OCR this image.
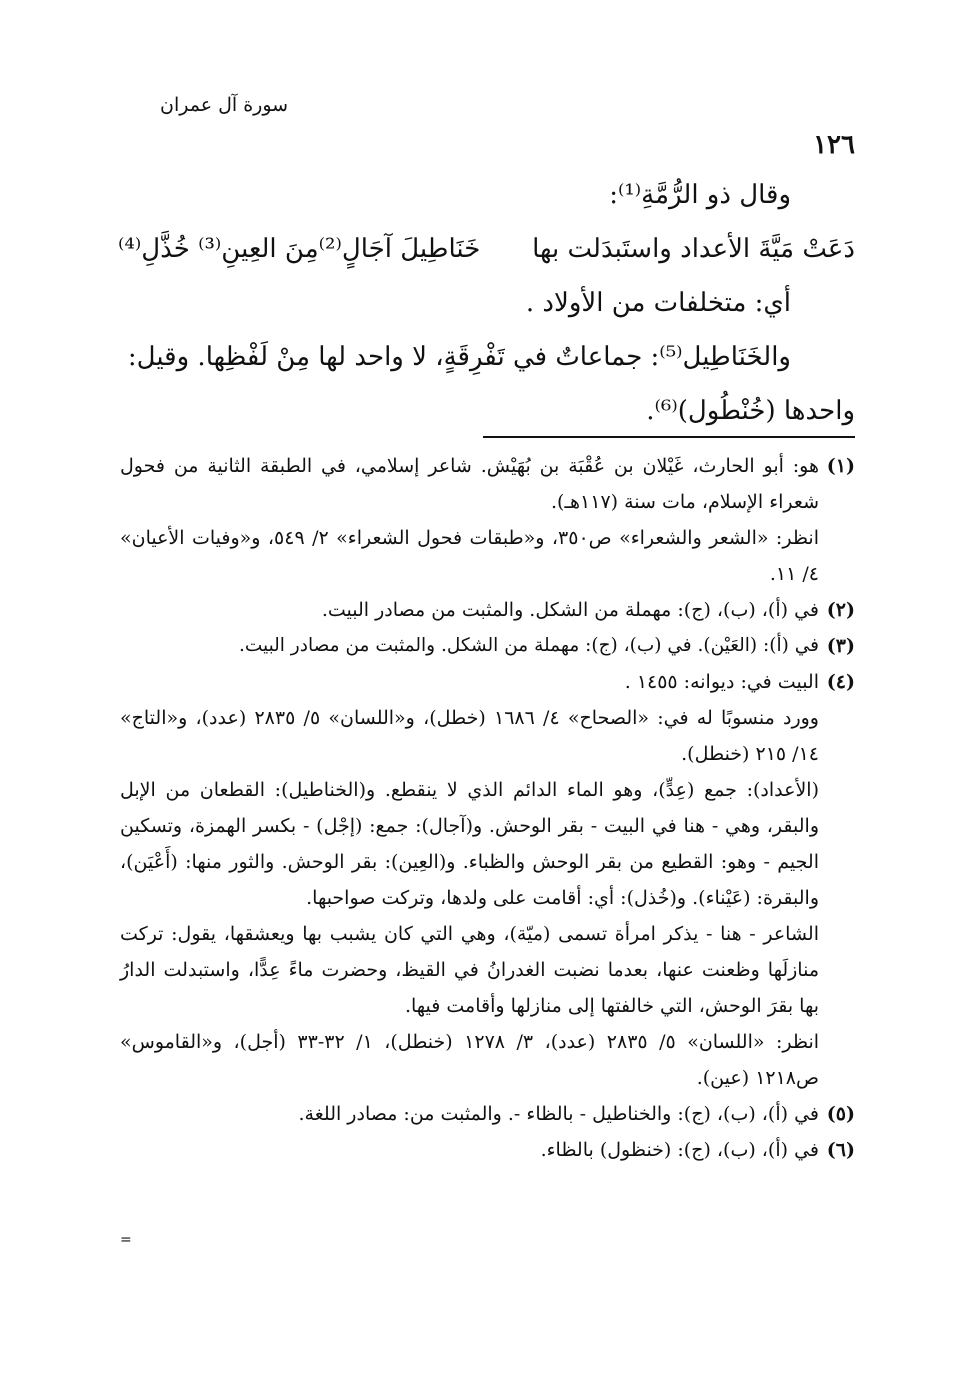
سورة آل عمران
١٢٦

وقال ذو الرُّمَّةِ⁽¹⁾:

دَعَتْ مَيَّةَ الأعداد واستَبدَلت بها
خَنَاطِيلَ آجَالٍ⁽²⁾مِنَ العِينِ⁽³⁾ خُذَّلِ⁽⁴⁾

أي: متخلفات من الأولاد .

والخَنَاطِيل⁽⁵⁾: جماعاتٌ في تَفْرِقَةٍ، لا واحد لها مِنْ لَفْظِها. وقيل:

واحدها (خُنْطُول)⁽⁶⁾.

(١)

هو: أبو الحارث، غَيْلان بن عُقْبَة بن بُهَيْش. شاعر إسلامي، في الطبقة الثانية من فحول شعراء الإسلام، مات سنة (١١٧هـ).

انظر: «الشعر والشعراء» ص٣٥٠، و«طبقات فحول الشعراء» ٢/ ٥٤٩، و«وفيات الأعيان» ٤/ ١١.

(٢)

في (أ)، (ب)، (ج): مهملة من الشكل. والمثبت من مصادر البيت.

(٣)

في (أ): (العَيْن). في (ب)، (ج): مهملة من الشكل. والمثبت من مصادر البيت.

(٤)

البيت في: ديوانه: ١٤٥٥ .

وورد منسوبًا له في: «الصحاح» ٤/ ١٦٨٦ (خطل)، و«اللسان» ٥/ ٢٨٣٥ (عدد)، و«التاج» ١٤/ ٢١٥ (خنطل).

(الأعداد): جمع (عِدٍّ)، وهو الماء الدائم الذي لا ينقطع. و(الخناطيل): القطعان من الإبل والبقر، وهي - هنا في البيت - بقر الوحش. و(آجال): جمع: (إجْل) - بكسر الهمزة، وتسكين الجيم - وهو: القطيع من بقر الوحش والظباء. و(العِين): بقر الوحش. والثور منها: (أَعْيَن)، والبقرة: (عَيْناء). و(خُذل): أي: أقامت على ولدها، وتركت صواحبها.

الشاعر - هنا - يذكر امرأة تسمى (ميّة)، وهي التي كان يشبب بها ويعشقها، يقول: تركت منازلَها وظعنت عنها، بعدما نضبت الغدرانُ في القيظ، وحضرت ماءً عِدًّا، واستبدلت الدارُ بها بقرَ الوحش، التي خالفتها إلى منازلها وأقامت فيها.

انظر: «اللسان» ٥/ ٢٨٣٥ (عدد)، ٣/ ١٢٧٨ (خنطل)، ١/ ٣٢-٣٣ (أجل)، و«القاموس» ص١٢١٨ (عين).

(٥)

في (أ)، (ب)، (ج): والخناطيل - بالظاء -. والمثبت من: مصادر اللغة.

(٦)

في (أ)، (ب)، (ج): (خنظول) بالظاء.

=
